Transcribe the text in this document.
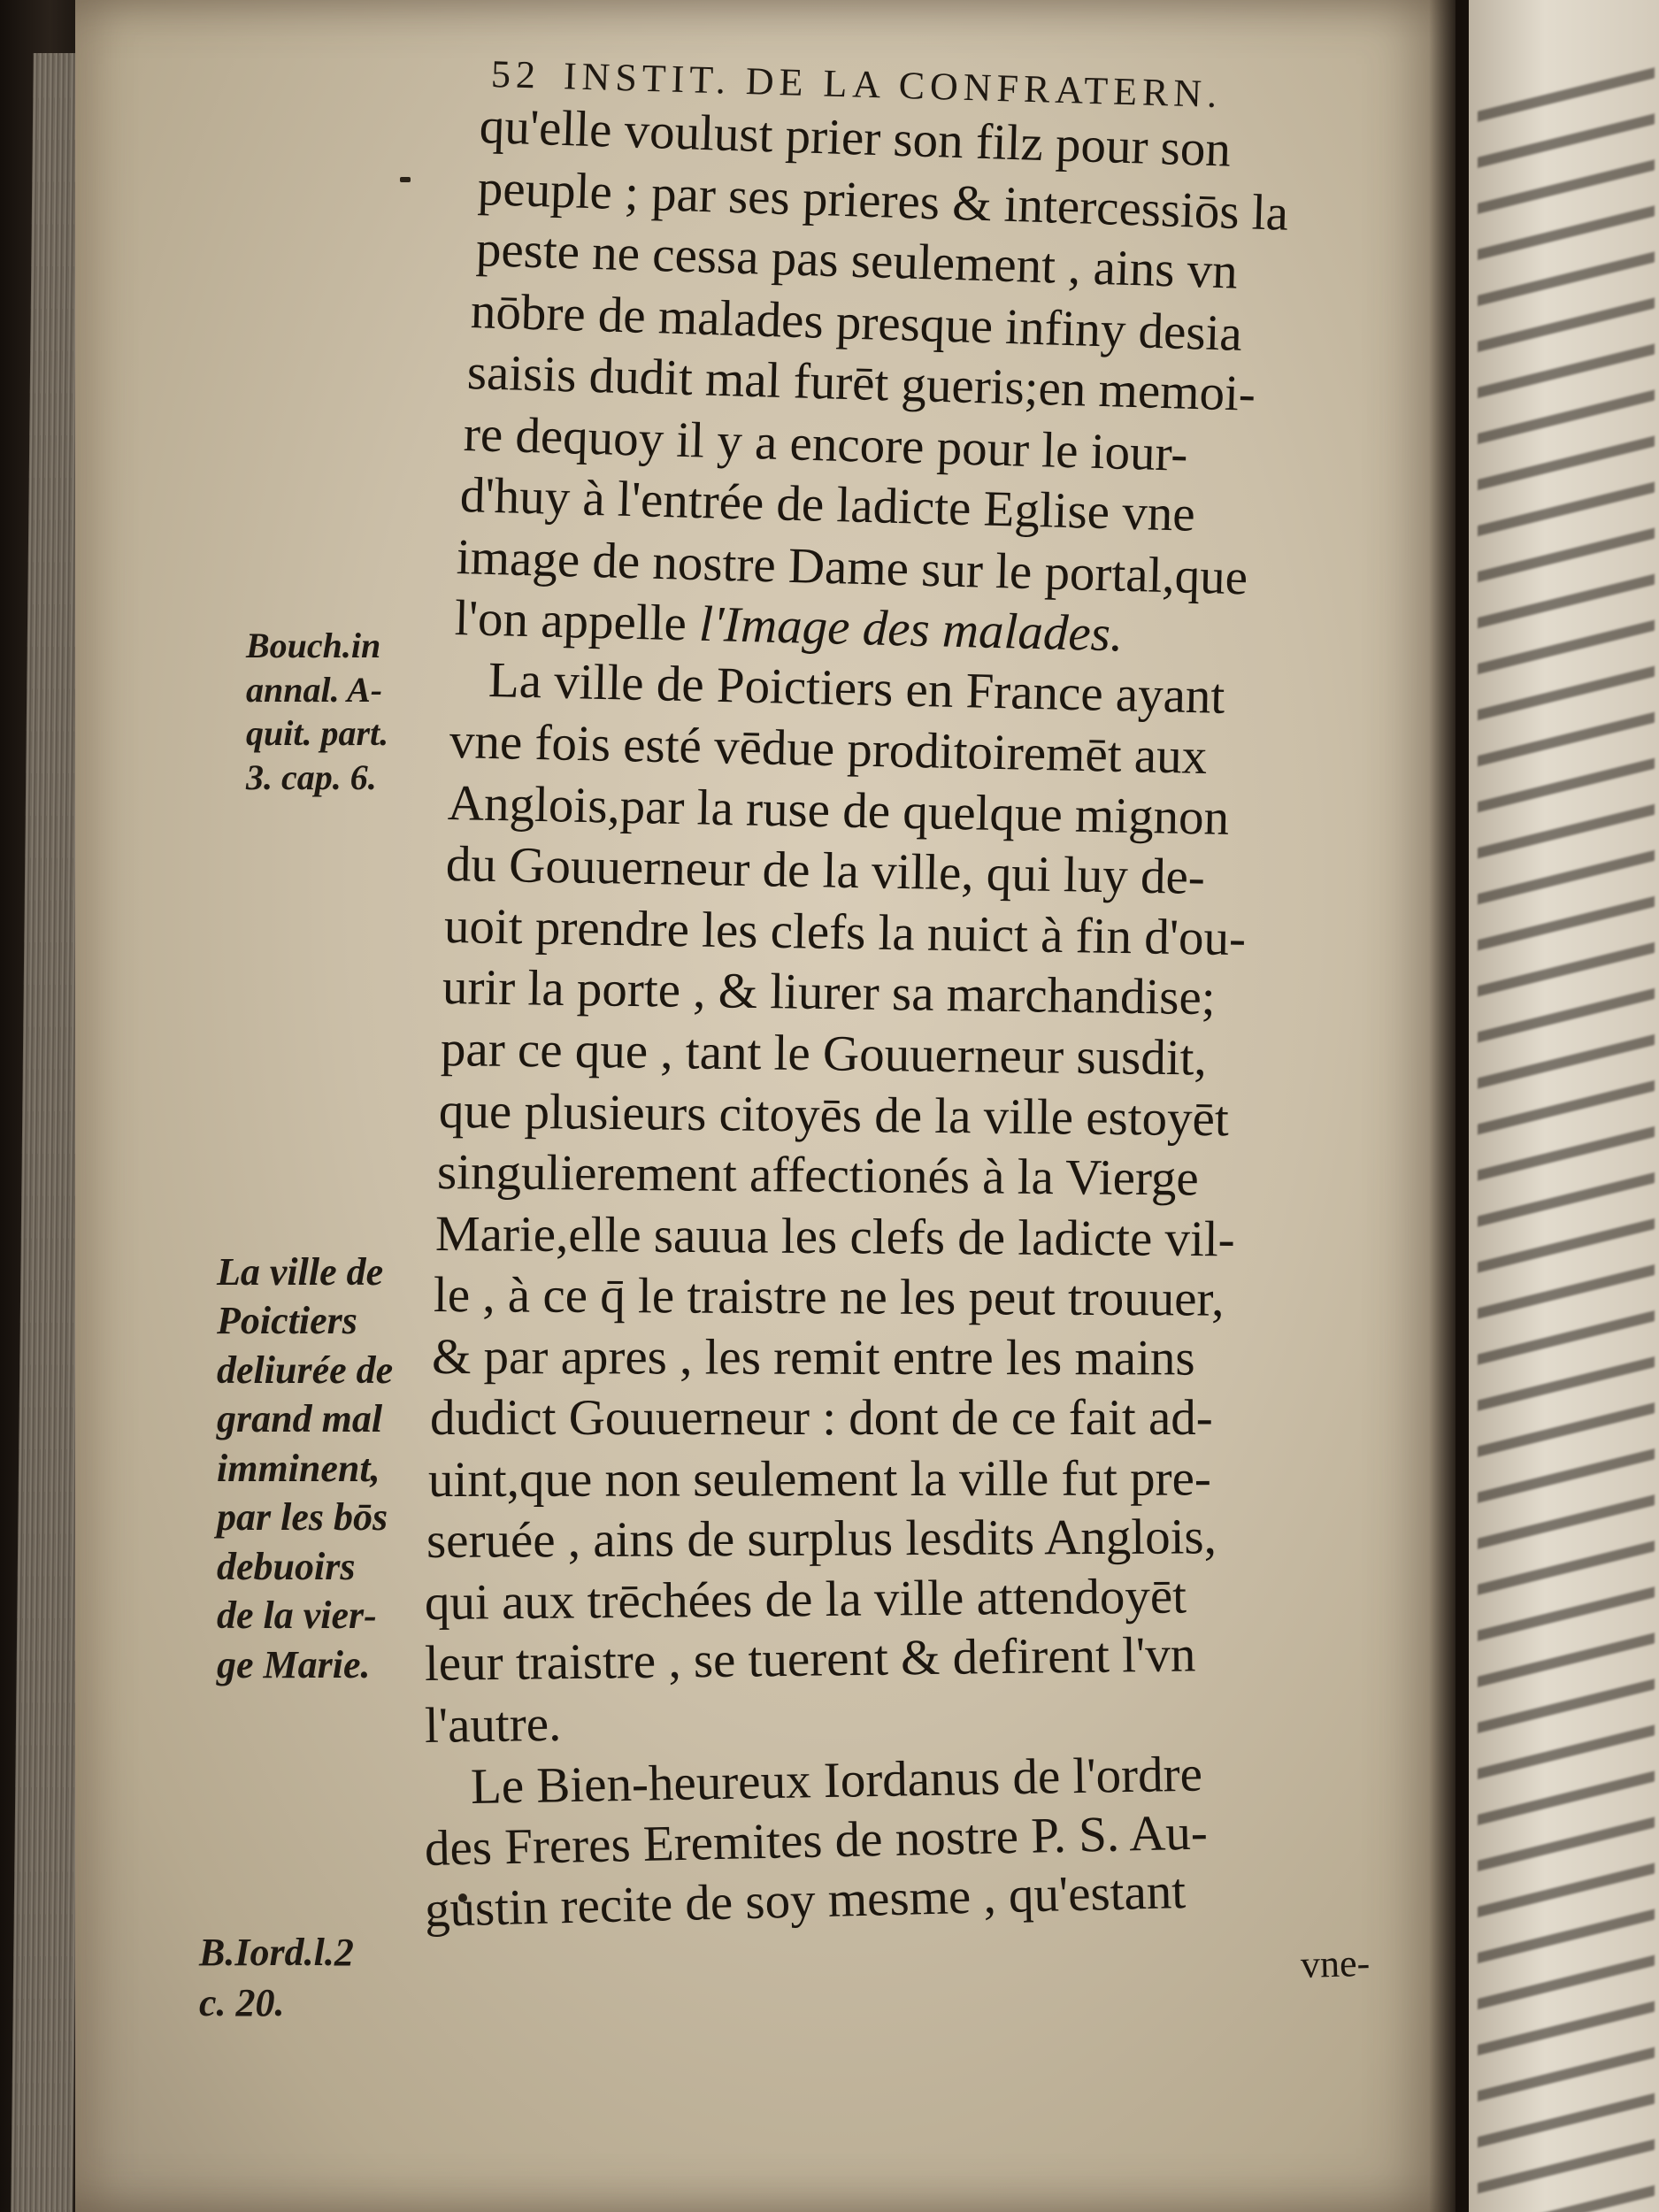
52 INSTIT. DE LA CONFRATERN.
qu'elle voulust prier son filz pour son
peuple ; par ses prieres & intercessiōs la
peste ne cessa pas seulement , ains vn
nōbre de malades presque infiny desia
saisis dudit mal furēt gueris;en memoi-
re dequoy il y a encore pour le iour-
d'huy à l'entrée de ladicte Eglise vne
image de nostre Dame sur le portal,que
l'on appelle l'Image des malades.
La ville de Poictiers en France ayant
vne fois esté vēdue proditoiremēt aux
Anglois,par la ruse de quelque mignon
du Gouuerneur de la ville, qui luy de-
uoit prendre les clefs la nuict à fin d'ou-
urir la porte , & liurer sa marchandise;
par ce que , tant le Gouuerneur susdit,
que plusieurs citoyēs de la ville estoyēt
singulierement affectionés à la Vierge
Marie,elle sauua les clefs de ladicte vil-
le , à ce q̄ le traistre ne les peut trouuer,
& par apres , les remit entre les mains
dudict Gouuerneur : dont de ce fait ad-
uint,que non seulement la ville fut pre-
seruée , ains de surplus lesdits Anglois,
qui aux trēchées de la ville attendoyēt
leur traistre , se tuerent & defirent l'vn
l'autre.
Le Bien-heureux Iordanus de l'ordre
des Freres Eremites de nostre P. S. Au-
gustin recite de soy mesme , qu'estant
vne-
Bouch.in
annal. A-
quit. part.
3. cap. 6.
La ville de
Poictiers
deliurée de
grand mal
imminent,
par les bōs
debuoirs
de la vier-
ge Marie.
B.Iord.l.2
c. 20.
